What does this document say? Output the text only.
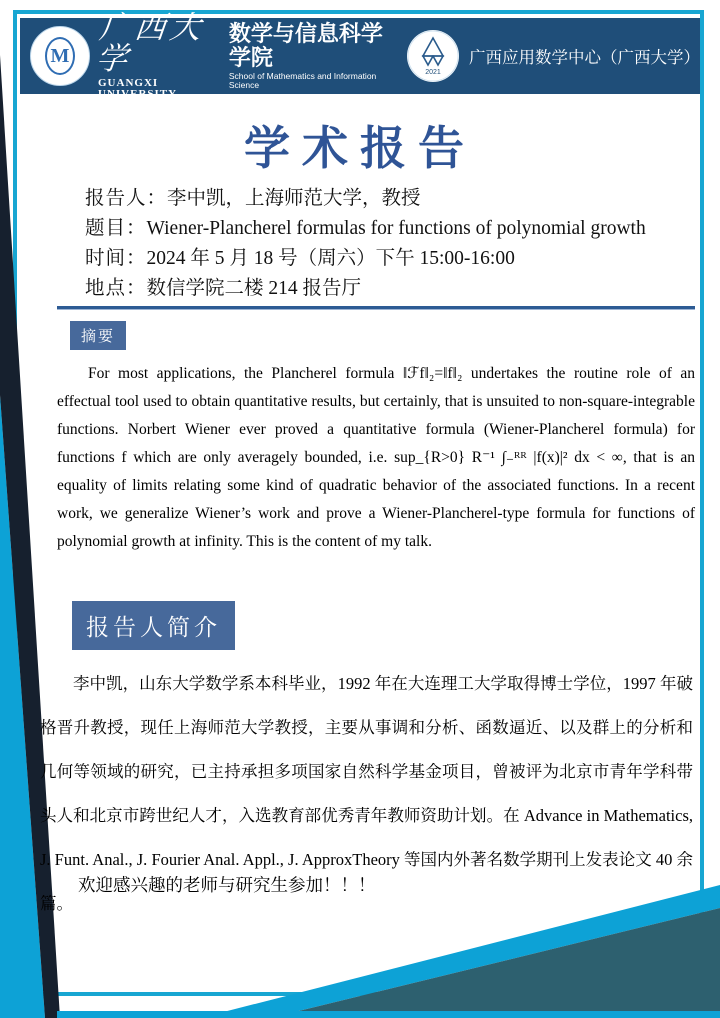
M
广西大学
GUANGXI UNIVERSITY
数学与信息科学学院
School of Mathematics and Information Science
2021
广西应用数学中心（广西大学）
学术报告
报告人：李中凯，上海师范大学，教授
题目：Wiener-Plancherel formulas for functions of polynomial growth
时间：2024 年 5 月 18 号（周六）下午 15:00-16:00
地点：数信学院二楼 214 报告厅
摘要
For most applications, the Plancherel formula ‖ℱf‖₂=‖f‖₂ undertakes the routine role of an effectual tool used to obtain quantitative results, but certainly, that is unsuited to non-square-integrable functions. Norbert Wiener ever proved a quantitative formula (Wiener-Plancherel formula) for functions f which are only averagely bounded, i.e. sup_{R>0} R⁻¹ ∫₋ᴿᴿ |f(x)|² dx < ∞, that is an equality of limits relating some kind of quadratic behavior of the associated functions. In a recent work, we generalize Wiener’s work and prove a Wiener-Plancherel-type formula for functions of polynomial growth at infinity. This is the content of my talk.
报告人简介
李中凯，山东大学数学系本科毕业，1992 年在大连理工大学取得博士学位，1997 年破格晋升教授，现任上海师范大学教授，主要从事调和分析、函数逼近、以及群上的分析和几何等领域的研究，已主持承担多项国家自然科学基金项目，曾被评为北京市青年学科带头人和北京市跨世纪人才，入选教育部优秀青年教师资助计划。在 Advance in Mathematics, J. Funt. Anal., J. Fourier Anal. Appl., J. ApproxTheory 等国内外著名数学期刊上发表论文 40 余篇。
欢迎感兴趣的老师与研究生参加！！！
